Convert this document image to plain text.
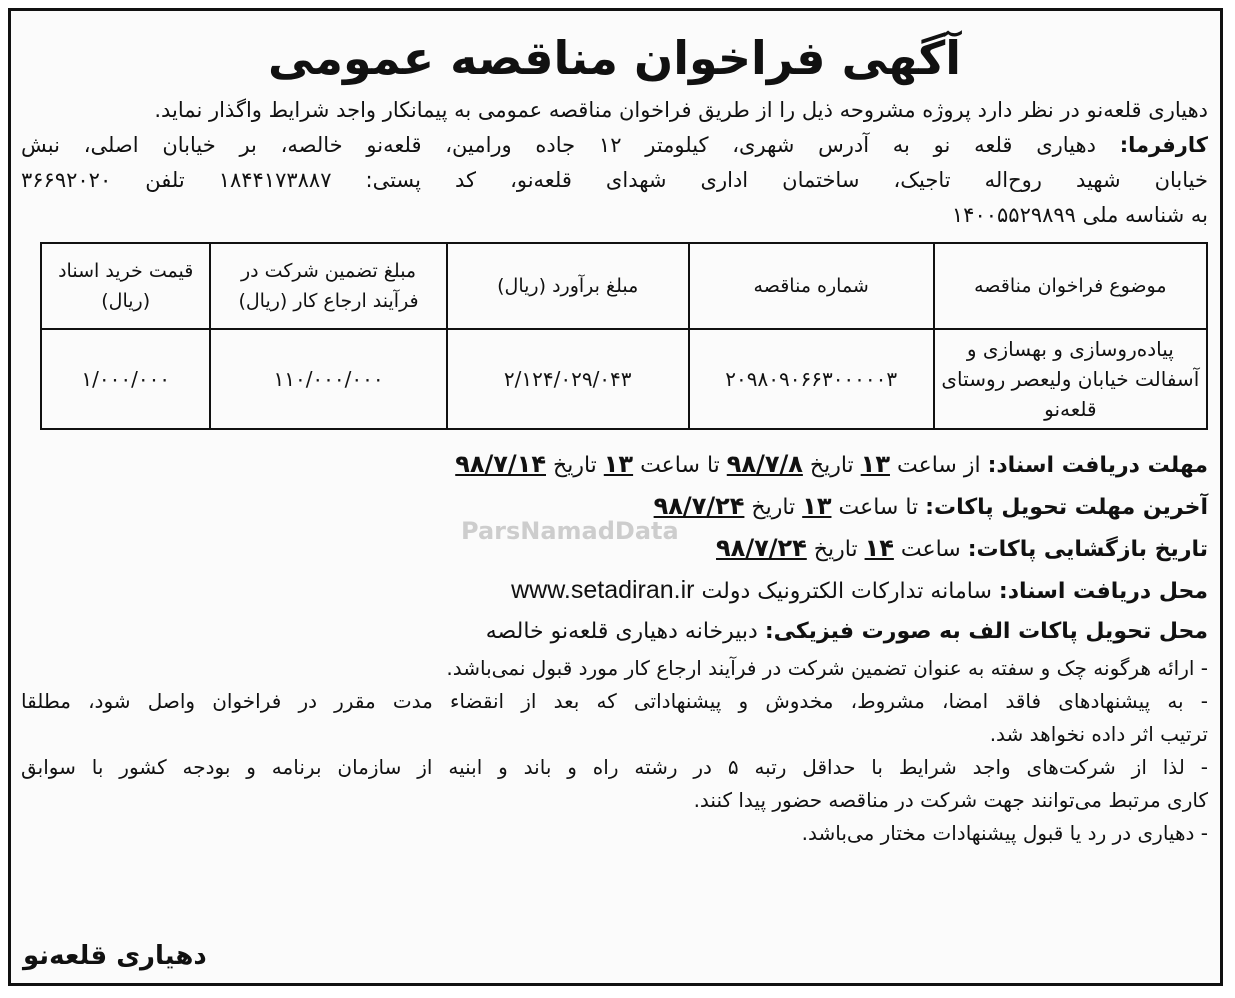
آگهی فراخوان مناقصه عمومی
دهیاری قلعه‌نو در نظر دارد پروژه مشروحه ذیل را از طریق فراخوان مناقصه عمومی به پیمانکار واجد شرایط واگذار نماید.
کارفرما: دهیاری قلعه نو به آدرس شهری، کیلومتر ۱۲ جاده ورامین، قلعه‌نو خالصه، بر خیابان اصلی، نبش
خیابان شهید روح‌اله تاجیک، ساختمان اداری شهدای قلعه‌نو، کد پستی: ۱۸۴۴۱۷۳۸۸۷ تلفن ۳۶۶۹۲۰۲۰
به شناسه ملی ۱۴۰۰۵۵۲۹۸۹۹
موضوع فراخوان مناقصه	شماره مناقصه	مبلغ برآورد (ریال)	مبلغ تضمین شرکت در فرآیند ارجاع کار (ریال)	قیمت خرید اسناد (ریال)
پیاده‌روسازی و بهسازی و آسفالت خیابان ولیعصر روستای قلعه‌نو	۲۰۹۸۰۹۰۶۶۳۰۰۰۰۰۳	۲/۱۲۴/۰۲۹/۰۴۳	۱۱۰/۰۰۰/۰۰۰	۱/۰۰۰/۰۰۰
مهلت دریافت اسناد: از ساعت ۱۳ تاریخ ۹۸/۷/۸ تا ساعت ۱۳ تاریخ ۹۸/۷/۱۴
آخرین مهلت تحویل پاکات: تا ساعت ۱۳ تاریخ ۹۸/۷/۲۴
تاریخ بازگشایی پاکات: ساعت ۱۴ تاریخ ۹۸/۷/۲۴
محل دریافت اسناد: سامانه تدارکات الکترونیک دولت www.setadiran.ir
محل تحویل پاکات الف به صورت فیزیکی: دبیرخانه دهیاری قلعه‌نو خالصه
- ارائه هرگونه چک و سفته به عنوان تضمین شرکت در فرآیند ارجاع کار مورد قبول نمی‌باشد.
- به پیشنهادهای فاقد امضا، مشروط، مخدوش و پیشنهاداتی که بعد از انقضاء مدت مقرر در فراخوان واصل شود، مطلقا
ترتیب اثر داده نخواهد شد.
- لذا از شرکت‌های واجد شرایط با حداقل رتبه ۵ در رشته راه و باند و ابنیه از سازمان برنامه و بودجه کشور با سوابق
کاری مرتبط می‌توانند جهت شرکت در مناقصه حضور پیدا کنند.
- دهیاری در رد یا قبول پیشنهادات مختار می‌باشد.
ParsNamadData
دهیاری قلعه‌نو
